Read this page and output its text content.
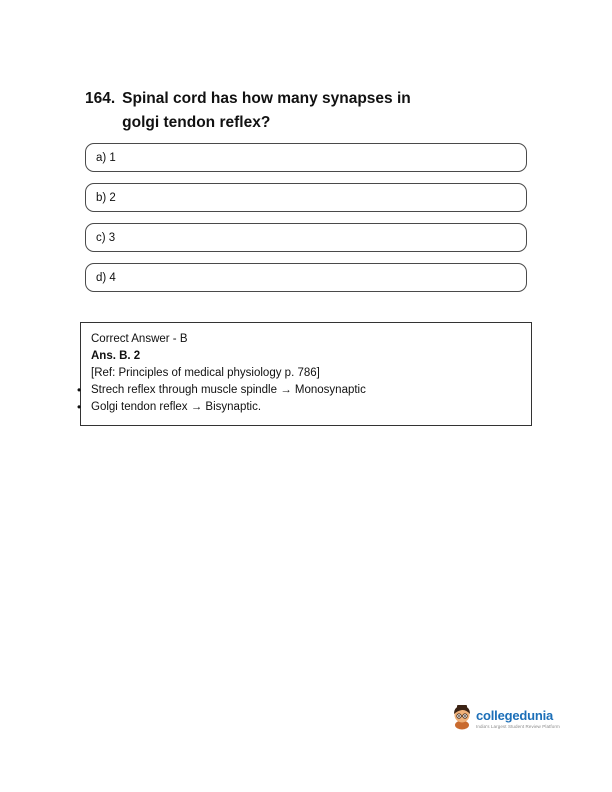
164. Spinal cord has how many synapses in
golgi tendon reflex?
a) 1
b) 2
c) 3
d) 4
Correct Answer - B
Ans. B. 2
[Ref: Principles of medical physiology p. 786]
• Strech reflex through muscle spindle → Monosynaptic
• Golgi tendon reflex → Bisynaptic.
collegedunia
India's Largest Student Review Platform
